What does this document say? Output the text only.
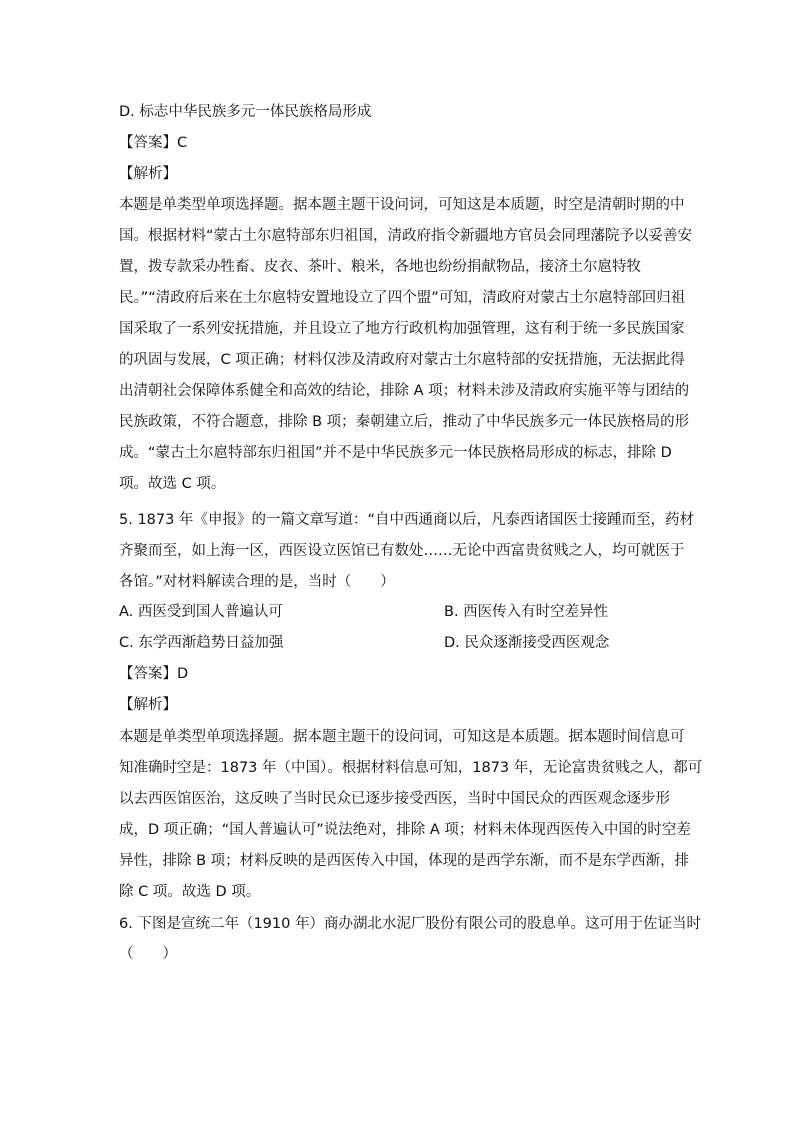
D. 标志中华民族多元一体民族格局形成
【答案】C
【解析】
本题是单类型单项选择题。据本题主题干设问词，可知这是本质题，时空是清朝时期的中
国。根据材料“蒙古土尔扈特部东归祖国，清政府指令新疆地方官员会同理藩院予以妥善安
置，拨专款采办牲畜、皮衣、茶叶、粮米，各地也纷纷捐献物品，接济土尔扈特牧
民。”“清政府后来在土尔扈特安置地设立了四个盟”可知，清政府对蒙古土尔扈特部回归祖
国采取了一系列安抚措施，并且设立了地方行政机构加强管理，这有利于统一多民族国家
的巩固与发展，C 项正确；材料仅涉及清政府对蒙古土尔扈特部的安抚措施，无法据此得
出清朝社会保障体系健全和高效的结论，排除 A 项；材料未涉及清政府实施平等与团结的
民族政策，不符合题意，排除 B 项；秦朝建立后，推动了中华民族多元一体民族格局的形
成。“蒙古土尔扈特部东归祖国”并不是中华民族多元一体民族格局形成的标志，排除 D
项。故选 C 项。
5. 1873 年《申报》的一篇文章写道：“自中西通商以后，凡泰西诸国医士接踵而至，药材
齐聚而至，如上海一区，西医设立医馆已有数处……无论中西富贵贫贱之人，均可就医于
各馆。”对材料解读合理的是，当时（　　）
A. 西医受到国人普遍认可	B. 西医传入有时空差异性
C. 东学西渐趋势日益加强	D. 民众逐渐接受西医观念
【答案】D
【解析】
本题是单类型单项选择题。据本题主题干的设问词，可知这是本质题。据本题时间信息可
知准确时空是：1873 年（中国）。根据材料信息可知，1873 年，无论富贵贫贱之人，都可
以去西医馆医治，这反映了当时民众已逐步接受西医，当时中国民众的西医观念逐步形
成，D 项正确；“国人普遍认可”说法绝对，排除 A 项；材料未体现西医传入中国的时空差
异性，排除 B 项；材料反映的是西医传入中国，体现的是西学东渐，而不是东学西渐，排
除 C 项。故选 D 项。
6. 下图是宣统二年（1910 年）商办湖北水泥厂股份有限公司的股息单。这可用于佐证当时
（　　）
